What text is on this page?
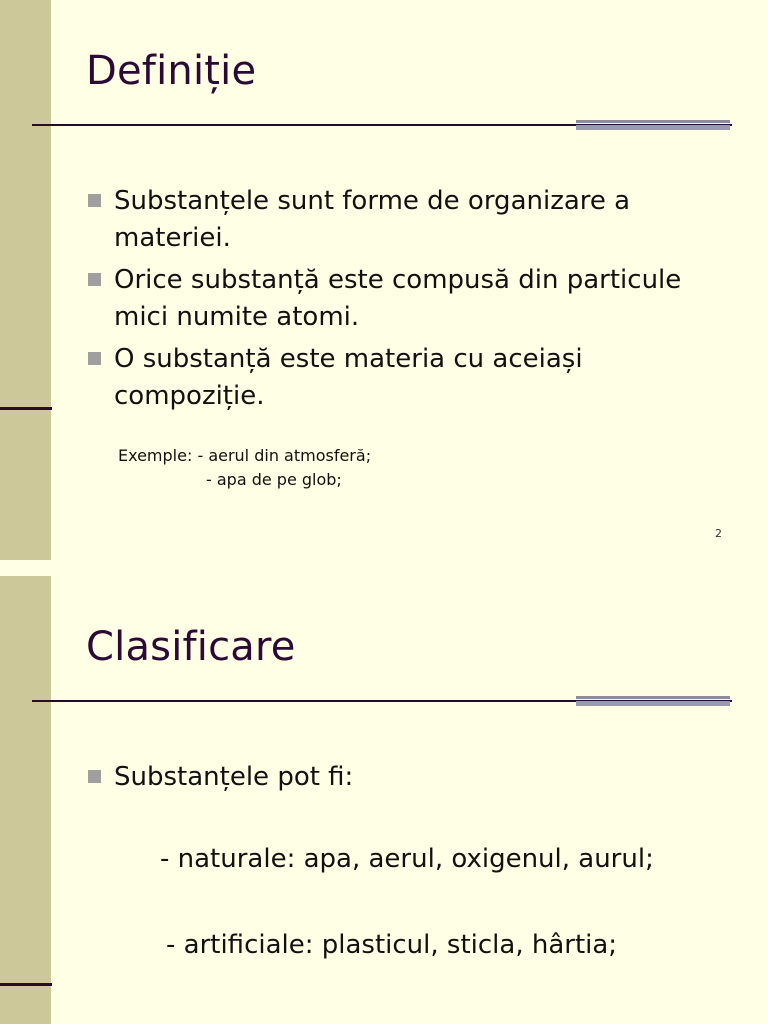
Definiție
Substanțele sunt forme de organizare a materiei.
Orice substanță este compusă din particule mici numite atomi.
O substanță este materia cu aceiași compoziție.
Exemple: - aerul din atmosferă;
- apa de pe glob;
2
Clasificare
Substanțele pot fi:
- naturale: apa, aerul, oxigenul, aurul;
- artificiale: plasticul, sticla, hârtia;
